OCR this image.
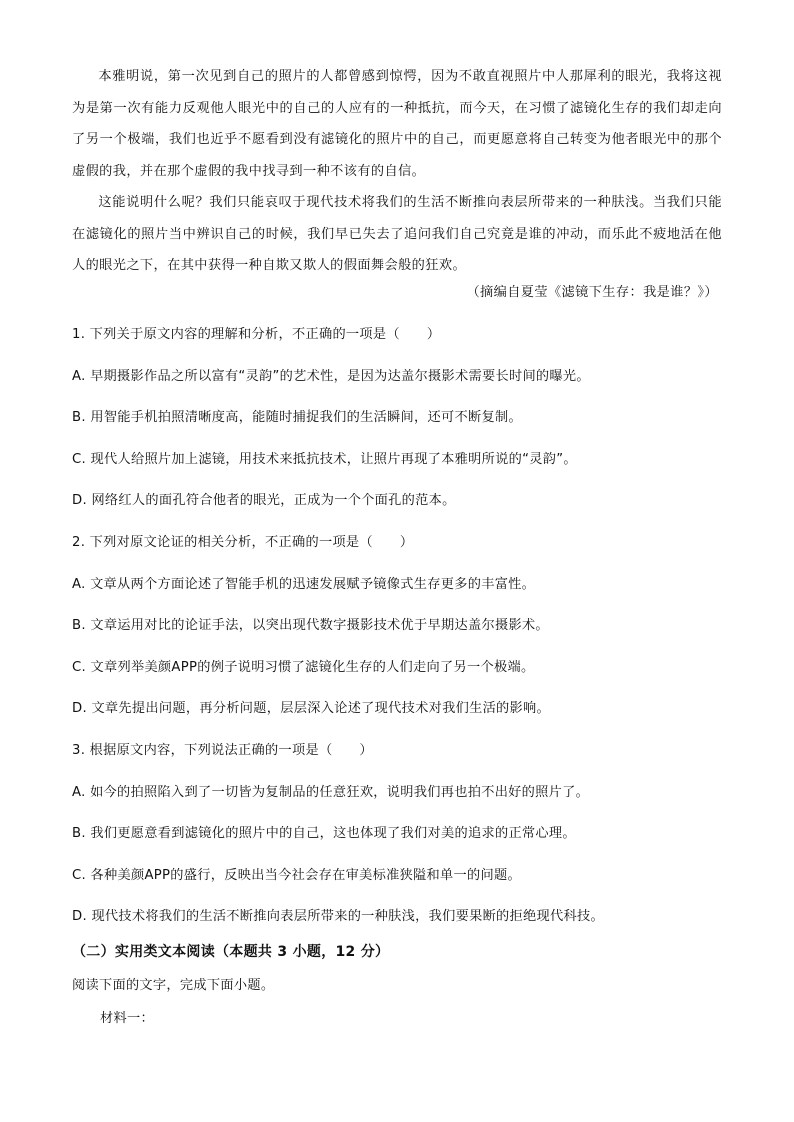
本雅明说，第一次见到自己的照片的人都曾感到惊愕，因为不敢直视照片中人那犀利的眼光，我将这视为是第一次有能力反观他人眼光中的自己的人应有的一种抵抗，而今天，在习惯了滤镜化生存的我们却走向了另一个极端，我们也近乎不愿看到没有滤镜化的照片中的自己，而更愿意将自己转变为他者眼光中的那个虚假的我，并在那个虚假的我中找寻到一种不该有的自信。

这能说明什么呢？我们只能哀叹于现代技术将我们的生活不断推向表层所带来的一种肤浅。当我们只能在滤镜化的照片当中辨识自己的时候，我们早已失去了追问我们自己究竟是谁的冲动，而乐此不疲地活在他人的眼光之下，在其中获得一种自欺又欺人的假面舞会般的狂欢。

（摘编自夏莹《滤镜下生存：我是谁？》）
1. 下列关于原文内容的理解和分析，不正确的一项是（　　）
A. 早期摄影作品之所以富有“灵韵”的艺术性，是因为达盖尔摄影术需要长时间的曝光。
B. 用智能手机拍照清晰度高，能随时捕捉我们的生活瞬间，还可不断复制。
C. 现代人给照片加上滤镜，用技术来抵抗技术，让照片再现了本雅明所说的“灵韵”。
D. 网络红人的面孔符合他者的眼光，正成为一个个面孔的范本。
2. 下列对原文论证的相关分析，不正确的一项是（　　）
A. 文章从两个方面论述了智能手机的迅速发展赋予镜像式生存更多的丰富性。
B. 文章运用对比的论证手法，以突出现代数字摄影技术优于早期达盖尔摄影术。
C. 文章列举美颜APP的例子说明习惯了滤镜化生存的人们走向了另一个极端。
D. 文章先提出问题，再分析问题，层层深入论述了现代技术对我们生活的影响。
3. 根据原文内容，下列说法正确的一项是（　　）
A. 如今的拍照陷入到了一切皆为复制品的任意狂欢，说明我们再也拍不出好的照片了。
B. 我们更愿意看到滤镜化的照片中的自己，这也体现了我们对美的追求的正常心理。
C. 各种美颜APP的盛行，反映出当今社会存在审美标准狭隘和单一的问题。
D. 现代技术将我们的生活不断推向表层所带来的一种肤浅，我们要果断的拒绝现代科技。
（二）实用类文本阅读（本题共 3 小题，12 分）
阅读下面的文字，完成下面小题。
材料一：
